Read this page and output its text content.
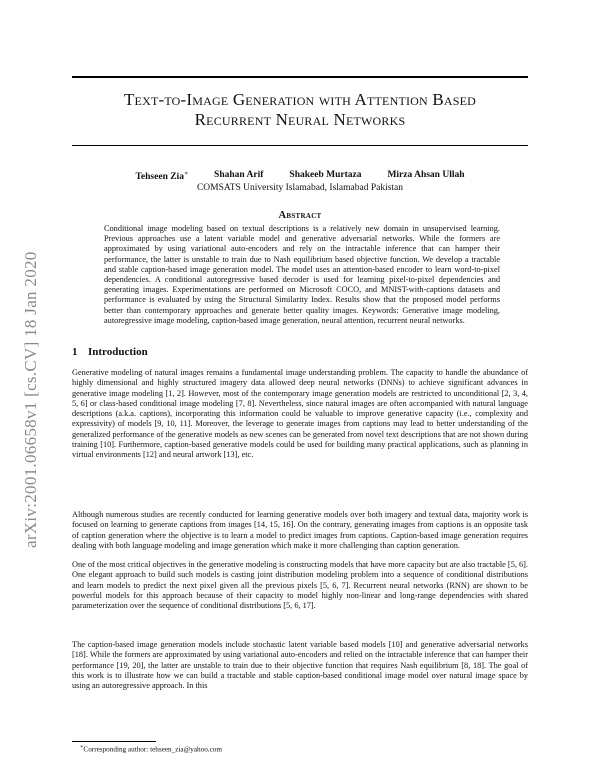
arXiv:2001.06658v1 [cs.CV] 18 Jan 2020
Text-to-Image Generation with Attention Based
Recurrent Neural Networks
Tehseen Zia∗	Shahan Arif	Shakeeb Murtaza	Mirza Ahsan Ullah
COMSATS University Islamabad, Islamabad Pakistan
Abstract
Conditional image modeling based on textual descriptions is a relatively new domain in unsupervised learning. Previous approaches use a latent variable model and generative adversarial networks. While the formers are approximated by using variational auto-encoders and rely on the intractable inference that can hamper their performance, the latter is unstable to train due to Nash equilibrium based objective function. We develop a tractable and stable caption-based image generation model. The model uses an attention-based encoder to learn word-to-pixel dependencies. A conditional autoregressive based decoder is used for learning pixel-to-pixel dependencies and generating images. Experimentations are performed on Microsoft COCO, and MNIST-with-captions datasets and performance is evaluated by using the Structural Similarity Index. Results show that the proposed model performs better than contemporary approaches and generate better quality images. Keywords: Generative image modeling, autoregressive image modeling, caption-based image generation, neural attention, recurrent neural networks.
1 Introduction
Generative modeling of natural images remains a fundamental image understanding problem. The capacity to handle the abundance of highly dimensional and highly structured imagery data allowed deep neural networks (DNNs) to achieve significant advances in generative image modeling [1, 2]. However, most of the contemporary image generation models are restricted to unconditional [2, 3, 4, 5, 6] or class-based conditional image modeling [7, 8]. Nevertheless, since natural images are often accompanied with natural language descriptions (a.k.a. captions), incorporating this information could be valuable to improve generative capacity (i.e., complexity and expressivity) of models [9, 10, 11]. Moreover, the leverage to generate images from captions may lead to better understanding of the generalized performance of the generative models as new scenes can be generated from novel text descriptions that are not shown during training [10]. Furthermore, caption-based generative models could be used for building many practical applications, such as planning in virtual environments [12] and neural artwork [13], etc.
Although numerous studies are recently conducted for learning generative models over both imagery and textual data, majority work is focused on learning to generate captions from images [14, 15, 16]. On the contrary, generating images from captions is an opposite task of caption generation where the objective is to learn a model to predict images from captions. Caption-based image generation requires dealing with both language modeling and image generation which make it more challenging than caption generation.
One of the most critical objectives in the generative modeling is constructing models that have more capacity but are also tractable [5, 6]. One elegant approach to build such models is casting joint distribution modeling problem into a sequence of conditional distributions and learn models to predict the next pixel given all the previous pixels [5, 6, 7]. Recurrent neural networks (RNN) are shown to be powerful models for this approach because of their capacity to model highly non-linear and long-range dependencies with shared parameterization over the sequence of conditional distributions [5, 6, 17].
The caption-based image generation models include stochastic latent variable based models [10] and generative adversarial networks [18]. While the formers are approximated by using variational auto-encoders and relied on the intractable inference that can hamper their performance [19, 20], the latter are unstable to train due to their objective function that requires Nash equilibrium [8, 18]. The goal of this work is to illustrate how we can build a tractable and stable caption-based conditional image model over natural image space by using an autoregressive approach. In this
∗Corresponding author: tehseen_zia@yahoo.com
